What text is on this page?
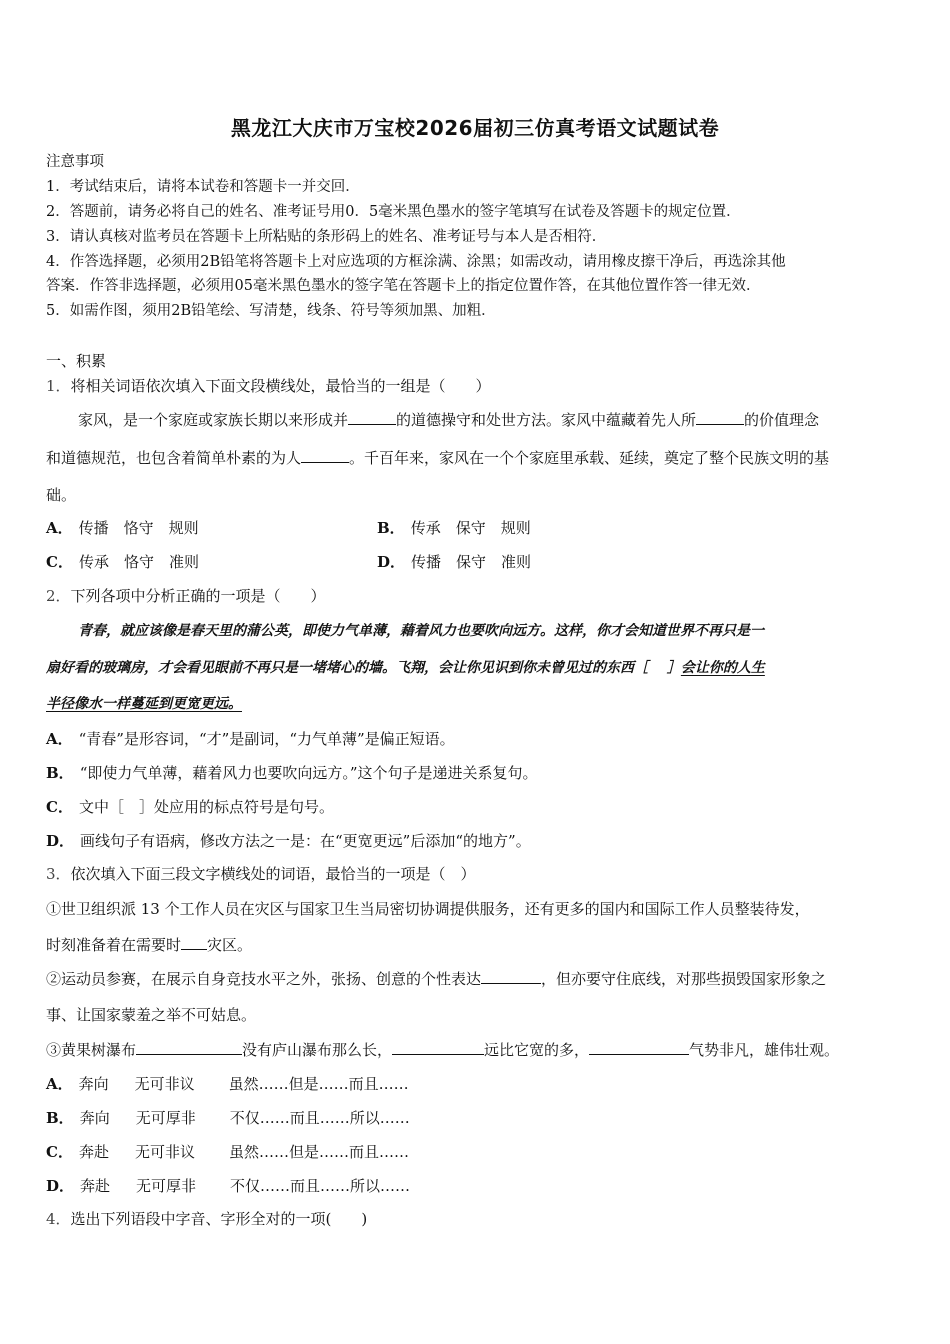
黑龙江大庆市万宝校2026届初三仿真考语文试题试卷
注意事项
1．考试结束后，请将本试卷和答题卡一并交回．
2．答题前，请务必将自己的姓名、准考证号用0．5毫米黑色墨水的签字笔填写在试卷及答题卡的规定位置．
3．请认真核对监考员在答题卡上所粘贴的条形码上的姓名、准考证号与本人是否相符．
4．作答选择题，必须用2B铅笔将答题卡上对应选项的方框涂满、涂黑；如需改动，请用橡皮擦干净后，再选涂其他
答案．作答非选择题，必须用05毫米黑色墨水的签字笔在答题卡上的指定位置作答，在其他位置作答一律无效．
5．如需作图，须用2B铅笔绘、写清楚，线条、符号等须加黑、加粗．
一、积累
1．将相关词语依次填入下面文段横线处，最恰当的一组是（　　）
家风，是一个家庭或家族长期以来形成并	的道德操守和处世方法。家风中蕴藏着先人所	的价值理念
和道德规范，也包含着简单朴素的为人	。千百年来，家风在一个个家庭里承载、延续，奠定了整个民族文明的基
础。
A． 传播　恪守　规则	B． 传承　保守　规则
C． 传承　恪守　准则	D． 传播　保守　准则
2．下列各项中分析正确的一项是（　　）
青春，就应该像是春天里的蒲公英，即使力气单薄，藉着风力也要吹向远方。这样，你才会知道世界不再只是一
扇好看的玻璃房，才会看见眼前不再只是一堵堵心的墙。飞翔，会让你见识到你未曾见过的东西［　 ］会让你的人生
半径像水一样蔓延到更宽更远。
A． “青春”是形容词，“才”是副词，“力气单薄”是偏正短语。
B． “即使力气单薄，藉着风力也要吹向远方。”这个句子是递进关系复句。
C． 文中［　］处应用的标点符号是句号。
D． 画线句子有语病，修改方法之一是：在“更宽更远”后添加“的地方”。
3．依次填入下面三段文字横线处的词语，最恰当的一项是（　）
①世卫组织派 13 个工作人员在灾区与国家卫生当局密切协调提供服务，还有更多的国内和国际工作人员整装待发，
时刻准备着在需要时 灾区。
②运动员参赛，在展示自身竞技水平之外，张扬、创意的个性表达	，但亦要守住底线，对那些损毁国家形象之
事、让国家蒙羞之举不可姑息。
③黄果树瀑布	没有庐山瀑布那么长，	远比它宽的多，	气势非凡，雄伟壮观。
A． 奔向 无可非议 虽然……但是……而且……
B． 奔向 无可厚非 不仅……而且……所以……
C． 奔赴 无可非议 虽然……但是……而且……
D． 奔赴 无可厚非 不仅……而且……所以……
4．选出下列语段中字音、字形全对的一项(　　)
